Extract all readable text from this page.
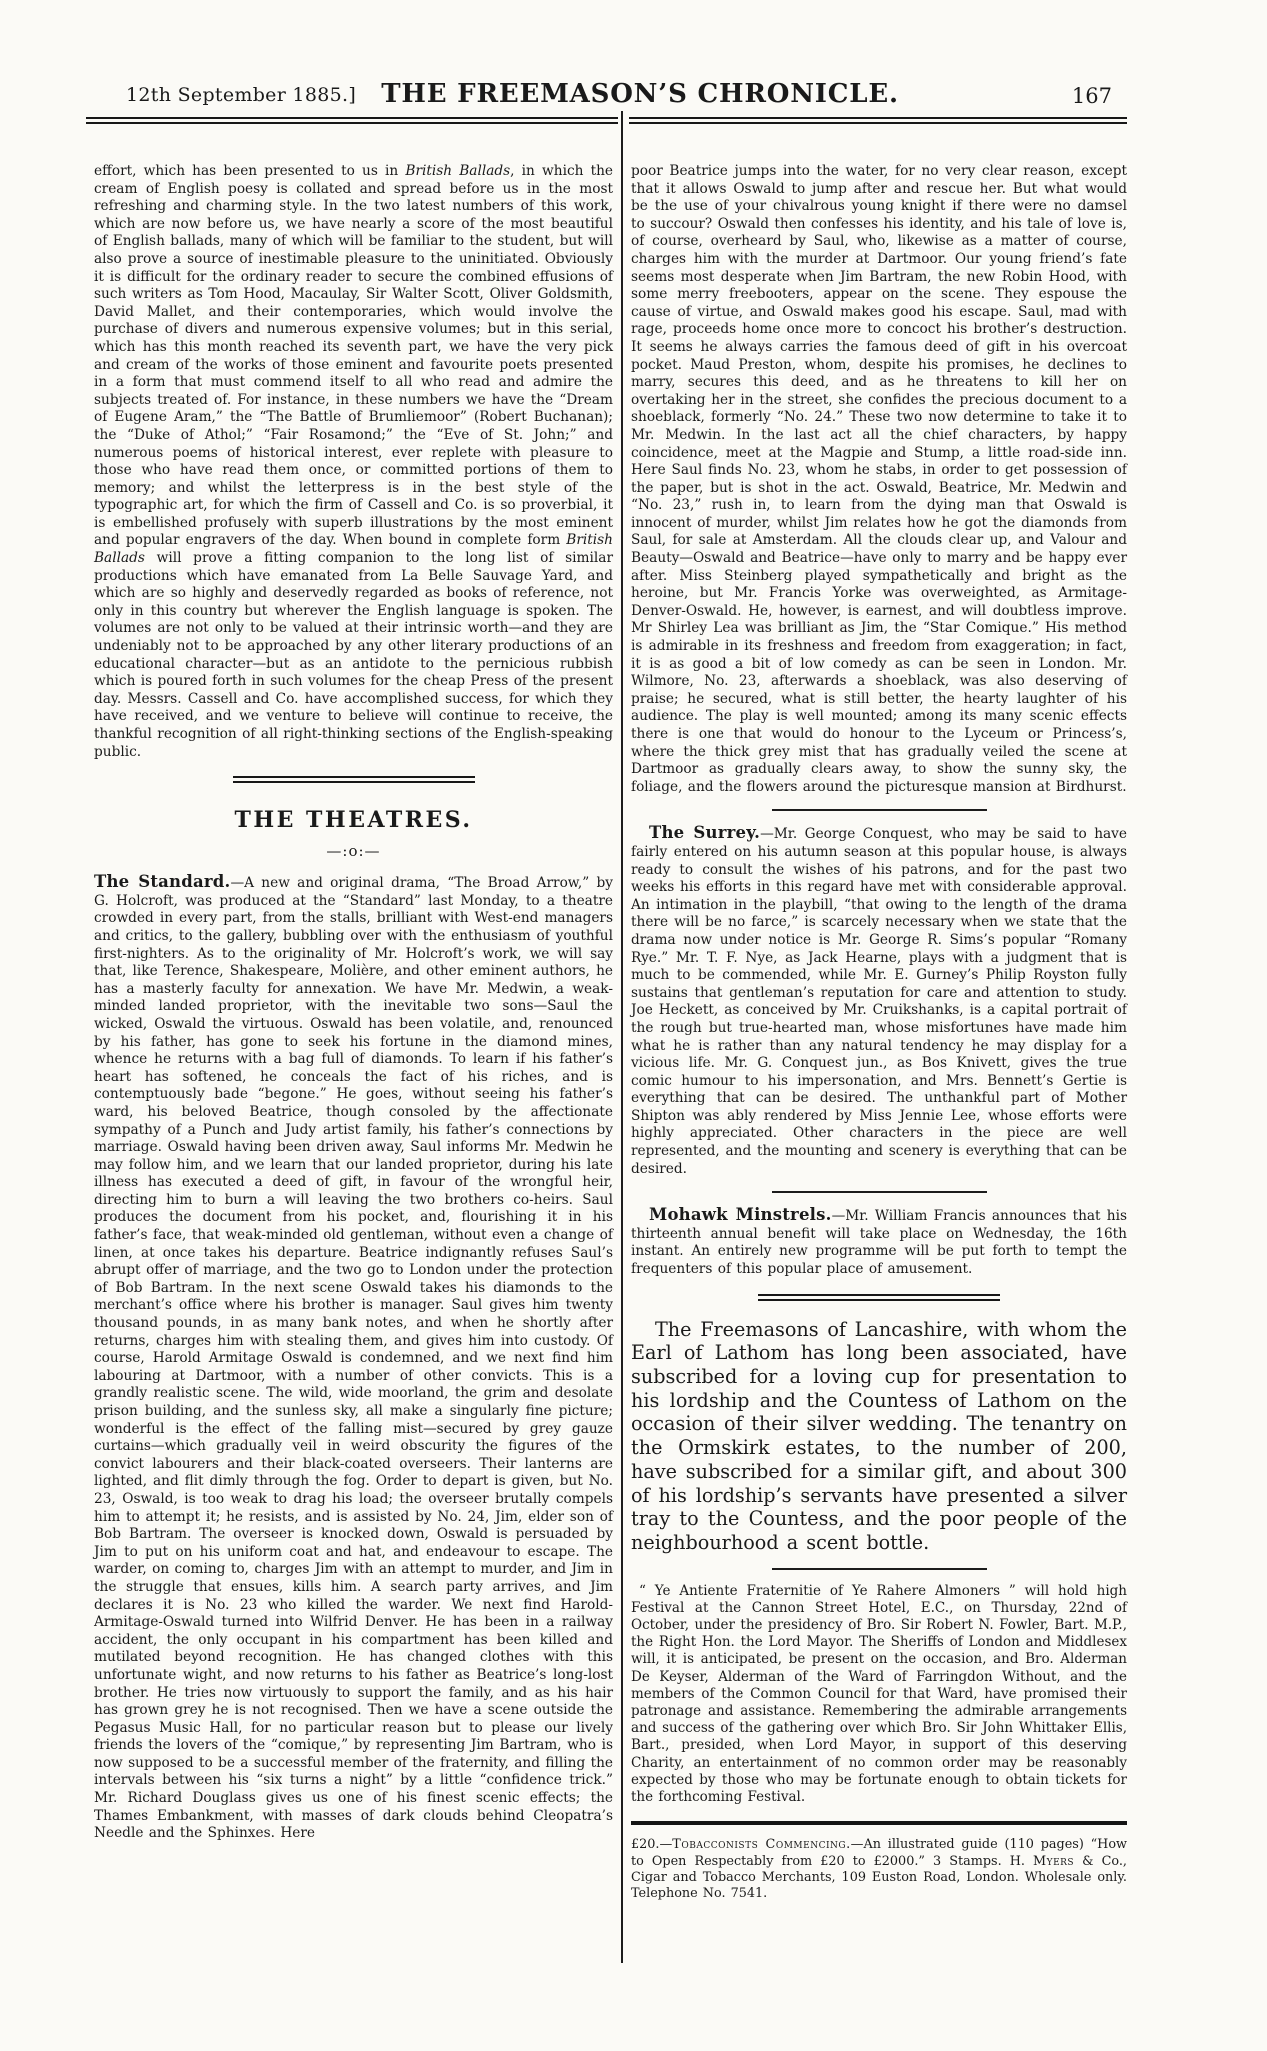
12th September 1885.] THE FREEMASON’S CHRONICLE.	167

effort, which has been presented to us in British Ballads, in which the cream of English poesy is collated and spread before us in the most refreshing and charming style. In the two latest numbers of this work, which are now before us, we have nearly a score of the most beautiful of English ballads, many of which will be familiar to the student, but will also prove a source of inestimable pleasure to the uninitiated. Obviously it is difficult for the ordinary reader to secure the combined effusions of such writers as Tom Hood, Macaulay, Sir Walter Scott, Oliver Goldsmith, David Mallet, and their contemporaries, which would involve the purchase of divers and numerous expensive volumes; but in this serial, which has this month reached its seventh part, we have the very pick and cream of the works of those eminent and favourite poets presented in a form that must commend itself to all who read and admire the subjects treated of. For instance, in these numbers we have the “Dream of Eugene Aram,” the “The Battle of Brumliemoor” (Robert Buchanan); the “Duke of Athol;” “Fair Rosamond;” the “Eve of St. John;” and numerous poems of historical interest, ever replete with pleasure to those who have read them once, or committed portions of them to memory; and whilst the letterpress is in the best style of the typographic art, for which the firm of Cassell and Co. is so proverbial, it is embellished profusely with superb illustrations by the most eminent and popular engravers of the day. When bound in complete form British Ballads will prove a fitting companion to the long list of similar productions which have emanated from La Belle Sauvage Yard, and which are so highly and deservedly regarded as books of reference, not only in this country but wherever the English language is spoken. The volumes are not only to be valued at their intrinsic worth—and they are undeniably not to be approached by any other literary productions of an educational character—but as an antidote to the pernicious rubbish which is poured forth in such volumes for the cheap Press of the present day. Messrs. Cassell and Co. have accomplished success, for which they have received, and we venture to believe will continue to receive, the thankful recognition of all right-thinking sections of the English-speaking public.

THE THEATRES.
—:o:—

The Standard.—A new and original drama, “The Broad Arrow,” by G. Holcroft, was produced at the “Standard” last Monday, to a theatre crowded in every part, from the stalls, brilliant with West-end managers and critics, to the gallery, bubbling over with the enthusiasm of youthful first-nighters. As to the originality of Mr. Holcroft’s work, we will say that, like Terence, Shakespeare, Molière, and other eminent authors, he has a masterly faculty for annexation. We have Mr. Medwin, a weak-minded landed proprietor, with the inevitable two sons—Saul the wicked, Oswald the virtuous. Oswald has been volatile, and, renounced by his father, has gone to seek his fortune in the diamond mines, whence he returns with a bag full of diamonds. To learn if his father’s heart has softened, he conceals the fact of his riches, and is contemptuously bade “begone.” He goes, without seeing his father’s ward, his beloved Beatrice, though consoled by the affectionate sympathy of a Punch and Judy artist family, his father’s connections by marriage. Oswald having been driven away, Saul informs Mr. Medwin he may follow him, and we learn that our landed proprietor, during his late illness has executed a deed of gift, in favour of the wrongful heir, directing him to burn a will leaving the two brothers co-heirs. Saul produces the document from his pocket, and, flourishing it in his father’s face, that weak-minded old gentleman, without even a change of linen, at once takes his departure. Beatrice indignantly refuses Saul’s abrupt offer of marriage, and the two go to London under the protection of Bob Bartram. In the next scene Oswald takes his diamonds to the merchant’s office where his brother is manager. Saul gives him twenty thousand pounds, in as many bank notes, and when he shortly after returns, charges him with stealing them, and gives him into custody. Of course, Harold Armitage Oswald is condemned, and we next find him labouring at Dartmoor, with a number of other convicts. This is a grandly realistic scene. The wild, wide moorland, the grim and desolate prison building, and the sunless sky, all make a singularly fine picture; wonderful is the effect of the falling mist—secured by grey gauze curtains—which gradually veil in weird obscurity the figures of the convict labourers and their black-coated overseers. Their lanterns are lighted, and flit dimly through the fog. Order to depart is given, but No. 23, Oswald, is too weak to drag his load; the overseer brutally compels him to attempt it; he resists, and is assisted by No. 24, Jim, elder son of Bob Bartram. The overseer is knocked down, Oswald is persuaded by Jim to put on his uniform coat and hat, and endeavour to escape. The warder, on coming to, charges Jim with an attempt to murder, and Jim in the struggle that ensues, kills him. A search party arrives, and Jim declares it is No. 23 who killed the warder. We next find Harold-Armitage-Oswald turned into Wilfrid Denver. He has been in a railway accident, the only occupant in his compartment has been killed and mutilated beyond recognition. He has changed clothes with this unfortunate wight, and now returns to his father as Beatrice’s long-lost brother. He tries now virtuously to support the family, and as his hair has grown grey he is not recognised. Then we have a scene outside the Pegasus Music Hall, for no particular reason but to please our lively friends the lovers of the “comique,” by representing Jim Bartram, who is now supposed to be a successful member of the fraternity, and filling the intervals between his “six turns a night” by a little “confidence trick.” Mr. Richard Douglass gives us one of his finest scenic effects; the Thames Embankment, with masses of dark clouds behind Cleopatra’s Needle and the Sphinxes. Here

poor Beatrice jumps into the water, for no very clear reason, except that it allows Oswald to jump after and rescue her. But what would be the use of your chivalrous young knight if there were no damsel to succour? Oswald then confesses his identity, and his tale of love is, of course, overheard by Saul, who, likewise as a matter of course, charges him with the murder at Dartmoor. Our young friend’s fate seems most desperate when Jim Bartram, the new Robin Hood, with some merry freebooters, appear on the scene. They espouse the cause of virtue, and Oswald makes good his escape. Saul, mad with rage, proceeds home once more to concoct his brother’s destruction. It seems he always carries the famous deed of gift in his overcoat pocket. Maud Preston, whom, despite his promises, he declines to marry, secures this deed, and as he threatens to kill her on overtaking her in the street, she confides the precious document to a shoeblack, formerly “No. 24.” These two now determine to take it to Mr. Medwin. In the last act all the chief characters, by happy coincidence, meet at the Magpie and Stump, a little road-side inn. Here Saul finds No. 23, whom he stabs, in order to get possession of the paper, but is shot in the act. Oswald, Beatrice, Mr. Medwin and “No. 23,” rush in, to learn from the dying man that Oswald is innocent of murder, whilst Jim relates how he got the diamonds from Saul, for sale at Amsterdam. All the clouds clear up, and Valour and Beauty—Oswald and Beatrice—have only to marry and be happy ever after. Miss Steinberg played sympathetically and bright as the heroine, but Mr. Francis Yorke was overweighted, as Armitage-Denver-Oswald. He, however, is earnest, and will doubtless improve. Mr Shirley Lea was brilliant as Jim, the “Star Comique.” His method is admirable in its freshness and freedom from exaggeration; in fact, it is as good a bit of low comedy as can be seen in London. Mr. Wilmore, No. 23, afterwards a shoeblack, was also deserving of praise; he secured, what is still better, the hearty laughter of his audience. The play is well mounted; among its many scenic effects there is one that would do honour to the Lyceum or Princess’s, where the thick grey mist that has gradually veiled the scene at Dartmoor as gradually clears away, to show the sunny sky, the foliage, and the flowers around the picturesque mansion at Birdhurst.

The Surrey.—Mr. George Conquest, who may be said to have fairly entered on his autumn season at this popular house, is always ready to consult the wishes of his patrons, and for the past two weeks his efforts in this regard have met with considerable approval. An intimation in the playbill, “that owing to the length of the drama there will be no farce,” is scarcely necessary when we state that the drama now under notice is Mr. George R. Sims’s popular “Romany Rye.” Mr. T. F. Nye, as Jack Hearne, plays with a judgment that is much to be commended, while Mr. E. Gurney’s Philip Royston fully sustains that gentleman’s reputation for care and attention to study. Joe Heckett, as conceived by Mr. Cruikshanks, is a capital portrait of the rough but true-hearted man, whose misfortunes have made him what he is rather than any natural tendency he may display for a vicious life. Mr. G. Conquest jun., as Bos Knivett, gives the true comic humour to his impersonation, and Mrs. Bennett’s Gertie is everything that can be desired. The unthankful part of Mother Shipton was ably rendered by Miss Jennie Lee, whose efforts were highly appreciated. Other characters in the piece are well represented, and the mounting and scenery is everything that can be desired.

Mohawk Minstrels.—Mr. William Francis announces that his thirteenth annual benefit will take place on Wednesday, the 16th instant. An entirely new programme will be put forth to tempt the frequenters of this popular place of amusement.

The Freemasons of Lancashire, with whom the Earl of Lathom has long been associated, have subscribed for a loving cup for presentation to his lordship and the Countess of Lathom on the occasion of their silver wedding. The tenantry on the Ormskirk estates, to the number of 200, have subscribed for a similar gift, and about 300 of his lordship’s servants have presented a silver tray to the Countess, and the poor people of the neighbourhood a scent bottle.

“ Ye Antiente Fraternitie of Ye Rahere Almoners ” will hold high Festival at the Cannon Street Hotel, E.C., on Thursday, 22nd of October, under the presidency of Bro. Sir Robert N. Fowler, Bart. M.P., the Right Hon. the Lord Mayor. The Sheriffs of London and Middlesex will, it is anticipated, be present on the occasion, and Bro. Alderman De Keyser, Alderman of the Ward of Farringdon Without, and the members of the Common Council for that Ward, have promised their patronage and assistance. Remembering the admirable arrangements and success of the gathering over which Bro. Sir John Whittaker Ellis, Bart., presided, when Lord Mayor, in support of this deserving Charity, an entertainment of no common order may be reasonably expected by those who may be fortunate enough to obtain tickets for the forthcoming Festival.

£20.—Tobacconists Commencing.—An illustrated guide (110 pages) “How to Open Respectably from £20 to £2000.” 3 Stamps. H. Myers & Co., Cigar and Tobacco Merchants, 109 Euston Road, London. Wholesale only. Telephone No. 7541.
